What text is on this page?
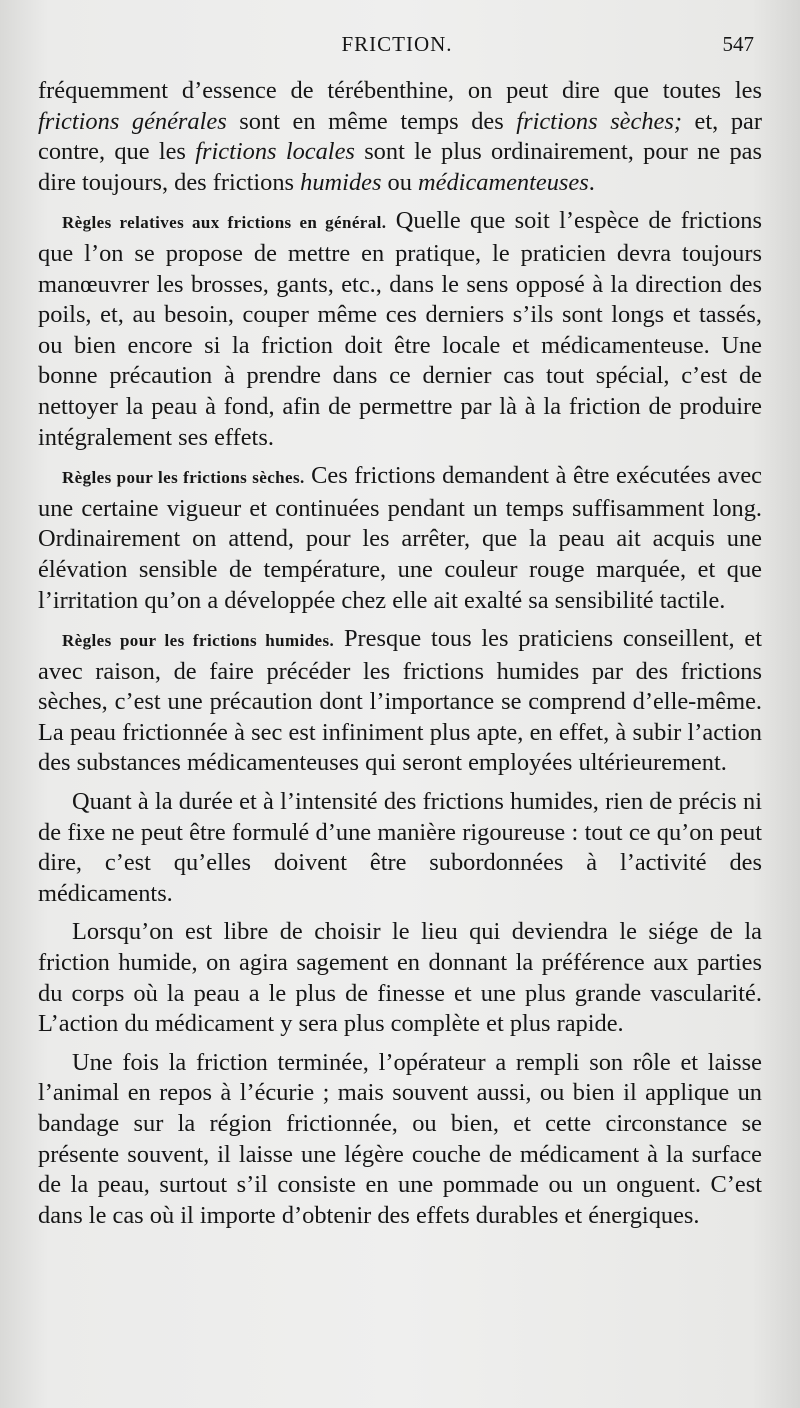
FRICTION.	547

fréquemment d’essence de térébenthine, on peut dire que toutes les frictions générales sont en même temps des frictions sèches; et, par contre, que les frictions locales sont le plus ordinairement, pour ne pas dire toujours, des frictions humides ou médicamenteuses.

Règles relatives aux frictions en général. Quelle que soit l’espèce de frictions que l’on se propose de mettre en pratique, le praticien devra toujours manœuvrer les brosses, gants, etc., dans le sens opposé à la direction des poils, et, au besoin, couper même ces derniers s’ils sont longs et tassés, ou bien encore si la friction doit être locale et médicamenteuse. Une bonne précaution à prendre dans ce dernier cas tout spécial, c’est de nettoyer la peau à fond, afin de permettre par là à la friction de produire intégralement ses effets.

Règles pour les frictions sèches. Ces frictions demandent à être exécutées avec une certaine vigueur et continuées pendant un temps suffisamment long. Ordinairement on attend, pour les arrêter, que la peau ait acquis une élévation sensible de température, une couleur rouge marquée, et que l’irritation qu’on a développée chez elle ait exalté sa sensibilité tactile.

Règles pour les frictions humides. Presque tous les praticiens conseillent, et avec raison, de faire précéder les frictions humides par des frictions sèches, c’est une précaution dont l’importance se comprend d’elle-même. La peau frictionnée à sec est infiniment plus apte, en effet, à subir l’action des substances médicamenteuses qui seront employées ultérieurement.

Quant à la durée et à l’intensité des frictions humides, rien de précis ni de fixe ne peut être formulé d’une manière rigoureuse : tout ce qu’on peut dire, c’est qu’elles doivent être subordonnées à l’activité des médicaments.

Lorsqu’on est libre de choisir le lieu qui deviendra le siége de la friction humide, on agira sagement en donnant la préférence aux parties du corps où la peau a le plus de finesse et une plus grande vascularité. L’action du médicament y sera plus complète et plus rapide.

Une fois la friction terminée, l’opérateur a rempli son rôle et laisse l’animal en repos à l’écurie ; mais souvent aussi, ou bien il applique un bandage sur la région frictionnée, ou bien, et cette circonstance se présente souvent, il laisse une légère couche de médicament à la surface de la peau, surtout s’il consiste en une pommade ou un onguent. C’est dans le cas où il importe d’obtenir des effets durables et énergiques.
